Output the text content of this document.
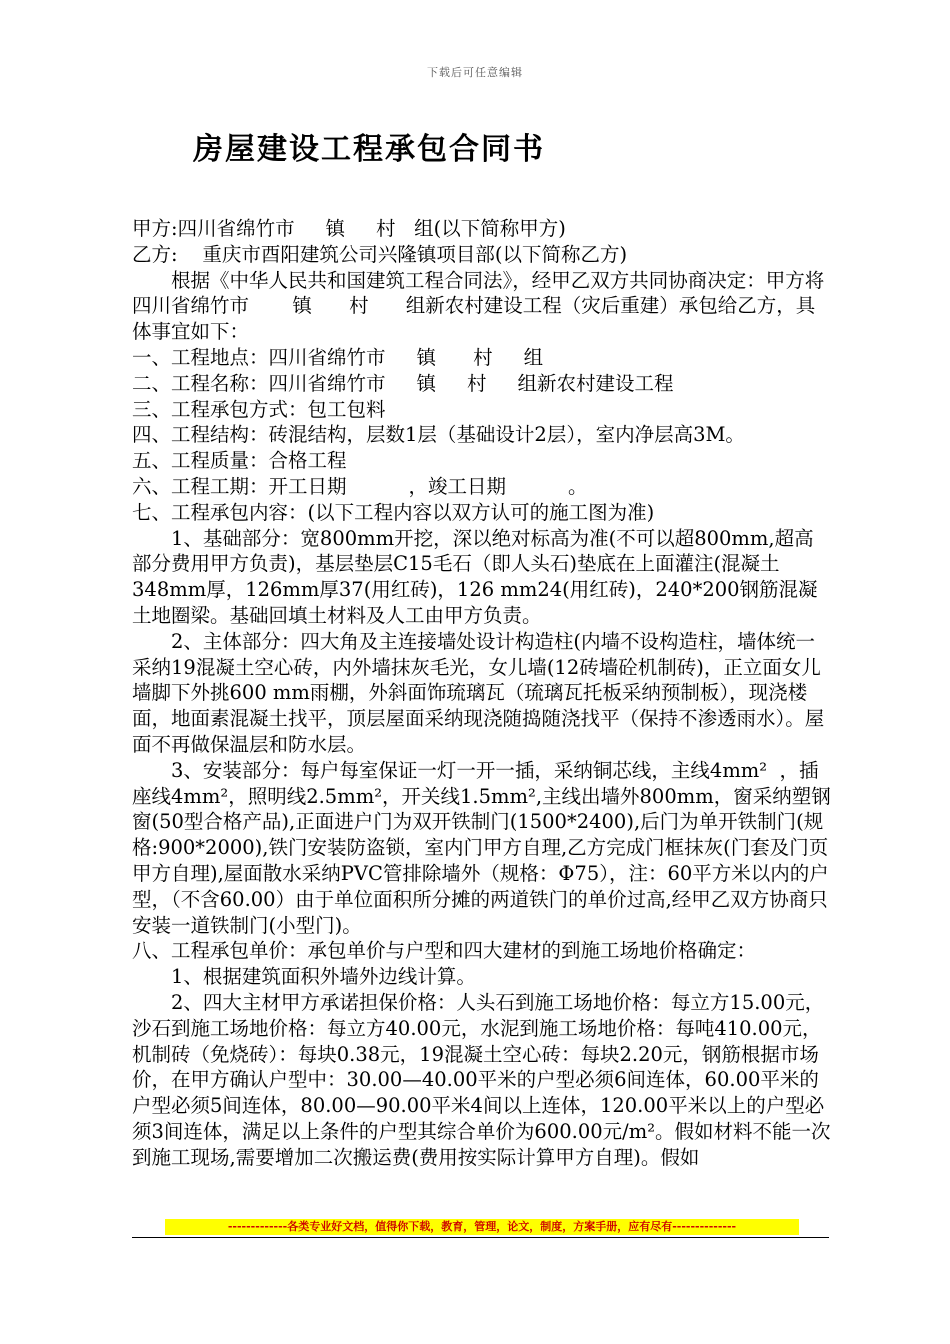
下载后可任意编辑
房屋建设工程承包合同书

甲方:四川省绵竹市     镇     村   组(以下简称甲方)

乙方:    重庆市酉阳建筑公司兴隆镇项目部(以下简称乙方)

根据《中华人民共和国建筑工程合同法》，经甲乙双方共同协商决定：甲方将四川省绵竹市       镇      村      组新农村建设工程（灾后重建）承包给乙方，具体事宜如下：

一、工程地点：四川省绵竹市     镇      村     组

二、工程名称：四川省绵竹市     镇     村     组新农村建设工程

三、工程承包方式：包工包料

四、工程结构：砖混结构，层数1层（基础设计2层），室内净层高3M。

五、工程质量：合格工程

六、工程工期：开工日期          ，竣工日期          。

七、工程承包内容：(以下工程内容以双方认可的施工图为准)

1、基础部分：宽800mm开挖，深以绝对标高为准(不可以超800mm,超高部分费用甲方负责)，基层垫层C15毛石（即人头石)垫底在上面灌注(混凝土348mm厚，126mm厚37(用红砖)，126 mm24(用红砖)，240*200钢筋混凝土地圈梁。基础回填土材料及人工由甲方负责。

2、主体部分：四大角及主连接墙处设计构造柱(内墙不设构造柱，墙体统一采纳19混凝土空心砖，内外墙抹灰毛光，女儿墙(12砖墙砼机制砖)，正立面女儿墙脚下外挑600 mm雨棚，外斜面饰琉璃瓦（琉璃瓦托板采纳预制板），现浇楼面，地面素混凝土找平，顶层屋面采纳现浇随捣随浇找平（保持不渗透雨水）。屋面不再做保温层和防水层。

3、安装部分：每户每室保证一灯一开一插，采纳铜芯线，主线4mm²  ，插座线4mm²，照明线2.5mm²，开关线1.5mm²,主线出墙外800mm，窗采纳塑钢窗(50型合格产品),正面进户门为双开铁制门(1500*2400),后门为单开铁制门(规格:900*2000),铁门安装防盗锁，室内门甲方自理,乙方完成门框抹灰(门套及门页甲方自理),屋面散水采纳PVC管排除墙外（规格：Φ75），注：60平方米以内的户型，（不含60.00）由于单位面积所分摊的两道铁门的单价过高,经甲乙双方协商只安装一道铁制门(小型门)。

八、工程承包单价：承包单价与户型和四大建材的到施工场地价格确定：

1、根据建筑面积外墙外边线计算。

2、四大主材甲方承诺担保价格：人头石到施工场地价格：每立方15.00元，沙石到施工场地价格：每立方40.00元，水泥到施工场地价格：每吨410.00元，机制砖（免烧砖）：每块0.38元，19混凝土空心砖：每块2.20元，钢筋根据市场价，在甲方确认户型中：30.00—40.00平米的户型必须6间连体，60.00平米的户型必须5间连体，80.00—90.00平米4间以上连体，120.00平米以上的户型必须3间连体，满足以上条件的户型其综合单价为600.00元/m²。假如材料不能一次到施工现场,需要增加二次搬运费(费用按实际计算甲方自理)。假如

-------------各类专业好文档，值得你下载，教育，管理，论文，制度，方案手册，应有尽有--------------
